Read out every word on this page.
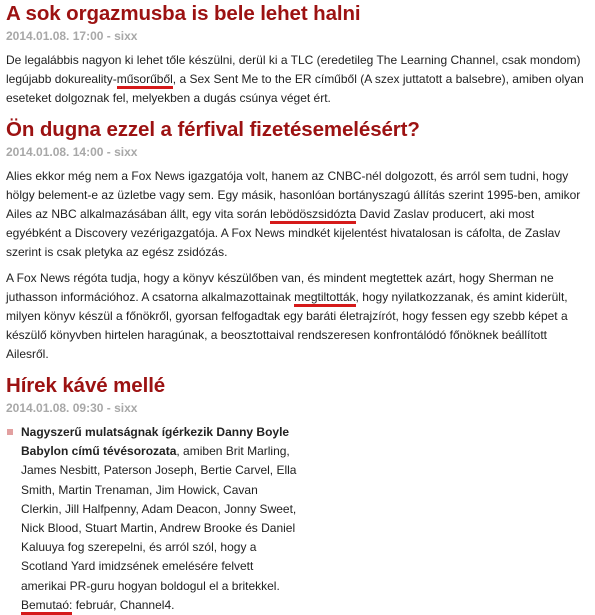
A sok orgazmusba is bele lehet halni
2014.01.08. 17:00 - sixx

De legalábbis nagyon ki lehet tőle készülni, derül ki a TLC (eredetileg The Learning Channel, csak mondom) legújabb dokureality-műsorűből, a Sex Sent Me to the ER címűből (A szex juttatott a balsebre), amiben olyan eseteket dolgoznak fel, melyekben a dugás csúnya véget ért.

Ön dugna ezzel a férfival fizetésemelésért?
2014.01.08. 14:00 - sixx

Alies ekkor még nem a Fox News igazgatója volt, hanem az CNBC-nél dolgozott, és arról sem tudni, hogy hölgy belement-e az üzletbe vagy sem. Egy másik, hasonlóan bortányszagú állítás szerint 1995-ben, amikor Ailes az NBC alkalmazásában állt, egy vita során lebödöszsidózta David Zaslav producert, aki most egyébként a Discovery vezérigazgatója. A Fox News mindkét kijelentést hivatalosan is cáfolta, de Zaslav szerint is csak pletyka az egész zsidózás.

A Fox News régóta tudja, hogy a könyv készülőben van, és mindent megtettek azárt, hogy Sherman ne juthasson információhoz. A csatorna alkalmazottainak megtiltották, hogy nyilatkozzanak, és amint kiderült, milyen könyv készül a főnökről, gyorsan felfogadtak egy baráti életrajzírót, hogy fessen egy szebb képet a készülő könyvben hirtelen haragúnak, a beosztottaival rendszeresen konfrontálódó főnöknek beállított Ailesről.

Hírek kávé mellé
2014.01.08. 09:30 - sixx
Nagyszerű mulatságnak ígérkezik Danny Boyle Babylon című tévésorozata, amiben Brit Marling, James Nesbitt, Paterson Joseph, Bertie Carvel, Ella Smith, Martin Trenaman, Jim Howick, Cavan Clerkin, Jill Halfpenny, Adam Deacon, Jonny Sweet, Nick Blood, Stuart Martin, Andrew Brooke és Daniel Kaluuya fog szerepelni, és arról szól, hogy a Scotland Yard imidzsének emelésére felvett amerikai PR-guru hogyan boldogul el a britekkel. Bemutaó: február, Channel4.
